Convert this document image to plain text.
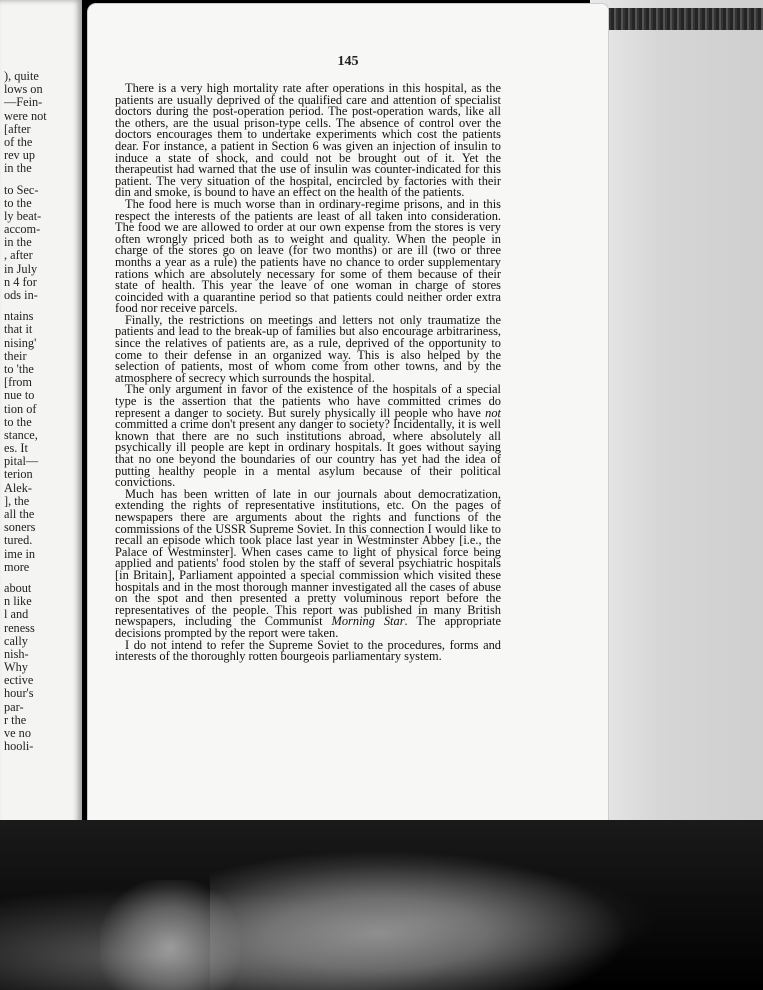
), quite
lows on
—Fein-
were not
[after
of the
rev up
in the
to Sec-
to the
ly beat-
accom-
in the
, after
in July
n 4 for
ods in-
ntains
that it
nising'
their
to 'the
[from
nue to
tion of
to the
stance,
es. It
pital—
terion
Alek-
], the
all the
soners
tured.
ime in
more
about
n like
l and
reness
cally
nish-
Why
ective
hour's
par-
r the
ve no
hooli-
145

There is a very high mortality rate after operations in this hospital, as the patients are usually deprived of the qualified care and attention of specialist doctors during the post-operation period. The post-operation wards, like all the others, are the usual prison-type cells. The absence of control over the doctors encourages them to undertake experiments which cost the patients dear. For instance, a patient in Section 6 was given an injection of insulin to induce a state of shock, and could not be brought out of it. Yet the therapeutist had warned that the use of insulin was counter-indicated for this patient. The very situation of the hospital, encircled by factories with their din and smoke, is bound to have an effect on the health of the patients.

The food here is much worse than in ordinary-regime prisons, and in this respect the interests of the patients are least of all taken into consideration. The food we are allowed to order at our own expense from the stores is very often wrongly priced both as to weight and quality. When the people in charge of the stores go on leave (for two months) or are ill (two or three months a year as a rule) the patients have no chance to order supplementary rations which are absolutely necessary for some of them because of their state of health. This year the leave of one woman in charge of stores coincided with a quarantine period so that patients could neither order extra food nor receive parcels.

Finally, the restrictions on meetings and letters not only traumatize the patients and lead to the break-up of families but also encourage arbitrariness, since the relatives of patients are, as a rule, deprived of the opportunity to come to their defense in an organized way. This is also helped by the selection of patients, most of whom come from other towns, and by the atmosphere of secrecy which surrounds the hospital.

The only argument in favor of the existence of the hospitals of a special type is the assertion that the patients who have committed crimes do represent a danger to society. But surely physically ill people who have not committed a crime don't present any danger to society? Incidentally, it is well known that there are no such institutions abroad, where absolutely all psychically ill people are kept in ordinary hospitals. It goes without saying that no one beyond the boundaries of our country has yet had the idea of putting healthy people in a mental asylum because of their political convictions.

Much has been written of late in our journals about democratization, extending the rights of representative institutions, etc. On the pages of newspapers there are arguments about the rights and functions of the commissions of the USSR Supreme Soviet. In this connection I would like to recall an episode which took place last year in Westminster Abbey [i.e., the Palace of Westminster]. When cases came to light of physical force being applied and patients' food stolen by the staff of several psychiatric hospitals [in Britain], Parliament appointed a special commission which visited these hospitals and in the most thorough manner investigated all the cases of abuse on the spot and then presented a pretty voluminous report before the representatives of the people. This report was published in many British newspapers, including the Communist Morning Star. The appropriate decisions prompted by the report were taken.

I do not intend to refer the Supreme Soviet to the procedures, forms and interests of the thoroughly rotten bourgeois parliamentary system.
